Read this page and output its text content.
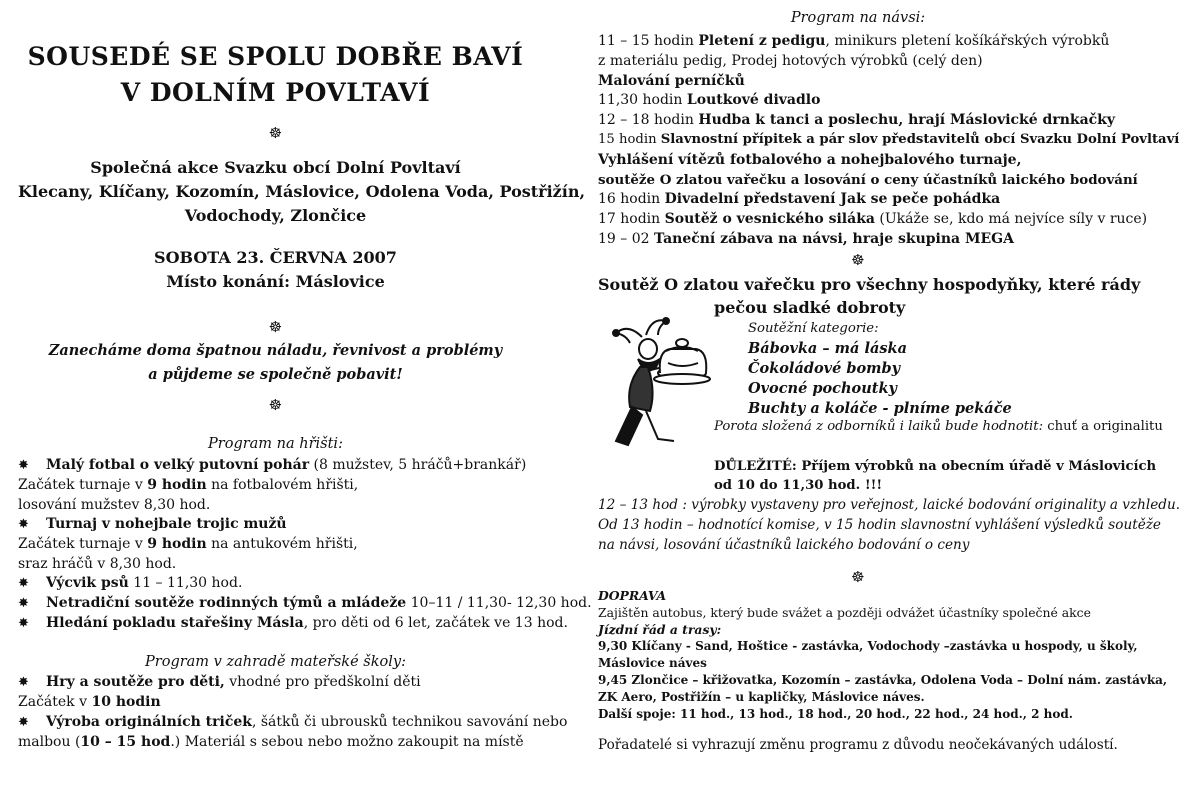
SOUSEDÉ SE SPOLU DOBŘE BAVÍ
V DOLNÍM POVLTAVÍ
☸
Společná akce Svazku obcí Dolní Povltaví
Klecany, Klíčany, Kozomín, Máslovice, Odolena Voda, Postřižín,
Vodochody, Zlončice
SOBOTA 23. ČERVNA 2007
Místo konání: Máslovice
☸
Zanecháme doma špatnou náladu, řevnivost a problémy
a půjdeme se společně pobavit!
☸
Program na hřišti:
✸ Malý fotbal o velký putovní pohár (8 mužstev, 5 hráčů+brankář)
Začátek turnaje v 9 hodin na fotbalovém hřišti,
losování mužstev 8,30 hod.
✸ Turnaj v nohejbale trojic mužů
Začátek turnaje v 9 hodin na antukovém hřišti,
sraz hráčů v 8,30 hod.
✸ Výcvik psů 11 – 11,30 hod.
✸ Netradiční soutěže rodinných týmů a mládeže 10–11 / 11,30- 12,30 hod.
✸ Hledání pokladu stařešiny Másla, pro děti od 6 let, začátek ve 13 hod.
Program v zahradě mateřské školy:
✸ Hry a soutěže pro děti, vhodné pro předškolní děti
Začátek v 10 hodin
✸ Výroba originálních triček, šátků či ubrousků technikou savování nebo
malbou (10 – 15 hod.) Materiál s sebou nebo možno zakoupit na místě
Program na návsi:
11 – 15 hodin Pletení z pedigu, minikurs pletení košíkářských výrobků
z materiálu pedig, Prodej hotových výrobků (celý den)
Malování perníčků
11,30 hodin Loutkové divadlo
12 – 18 hodin Hudba k tanci a poslechu, hrají Máslovické drnkačky
15 hodin Slavnostní přípitek a pár slov představitelů obcí Svazku Dolní Povltaví
Vyhlášení vítězů fotbalového a nohejbalového turnaje,
soutěže O zlatou vařečku a losování o ceny účastníků laického bodování
16 hodin Divadelní představení Jak se peče pohádka
17 hodin Soutěž o vesnického siláka (Ukáže se, kdo má nejvíce síly v ruce)
19 – 02 Taneční zábava na návsi, hraje skupina MEGA
☸
Soutěž O zlatou vařečku pro všechny hospodyňky, které rády
pečou sladké dobroty
Soutěžní kategorie:
Bábovka – má láska
Čokoládové bomby
Ovocné pochoutky
Buchty a koláče - plníme pekáče
Porota složená z odborníků i laiků bude hodnotit: chuť a originalitu
DŮLEŽITÉ: Příjem výrobků na obecním úřadě v Máslovicích
od 10 do 11,30 hod. !!!
12 – 13 hod : výrobky vystaveny pro veřejnost, laické bodování originality a vzhledu.
Od 13 hodin – hodnotící komise, v 15 hodin slavnostní vyhlášení výsledků soutěže
na návsi, losování účastníků laického bodování o ceny
☸
DOPRAVA
Zajištěn autobus, který bude svážet a později odvážet účastníky společné akce
Jízdní řád a trasy:
9,30 Klíčany - Sand, Hoštice - zastávka, Vodochody –zastávka u hospody, u školy,
Máslovice náves
9,45 Zlončice – křižovatka, Kozomín – zastávka, Odolena Voda – Dolní nám. zastávka,
ZK Aero, Postřižín – u kapličky, Máslovice náves.
Další spoje: 11 hod., 13 hod., 18 hod., 20 hod., 22 hod., 24 hod., 2 hod.
Pořadatelé si vyhrazují změnu programu z důvodu neočekávaných událostí.
